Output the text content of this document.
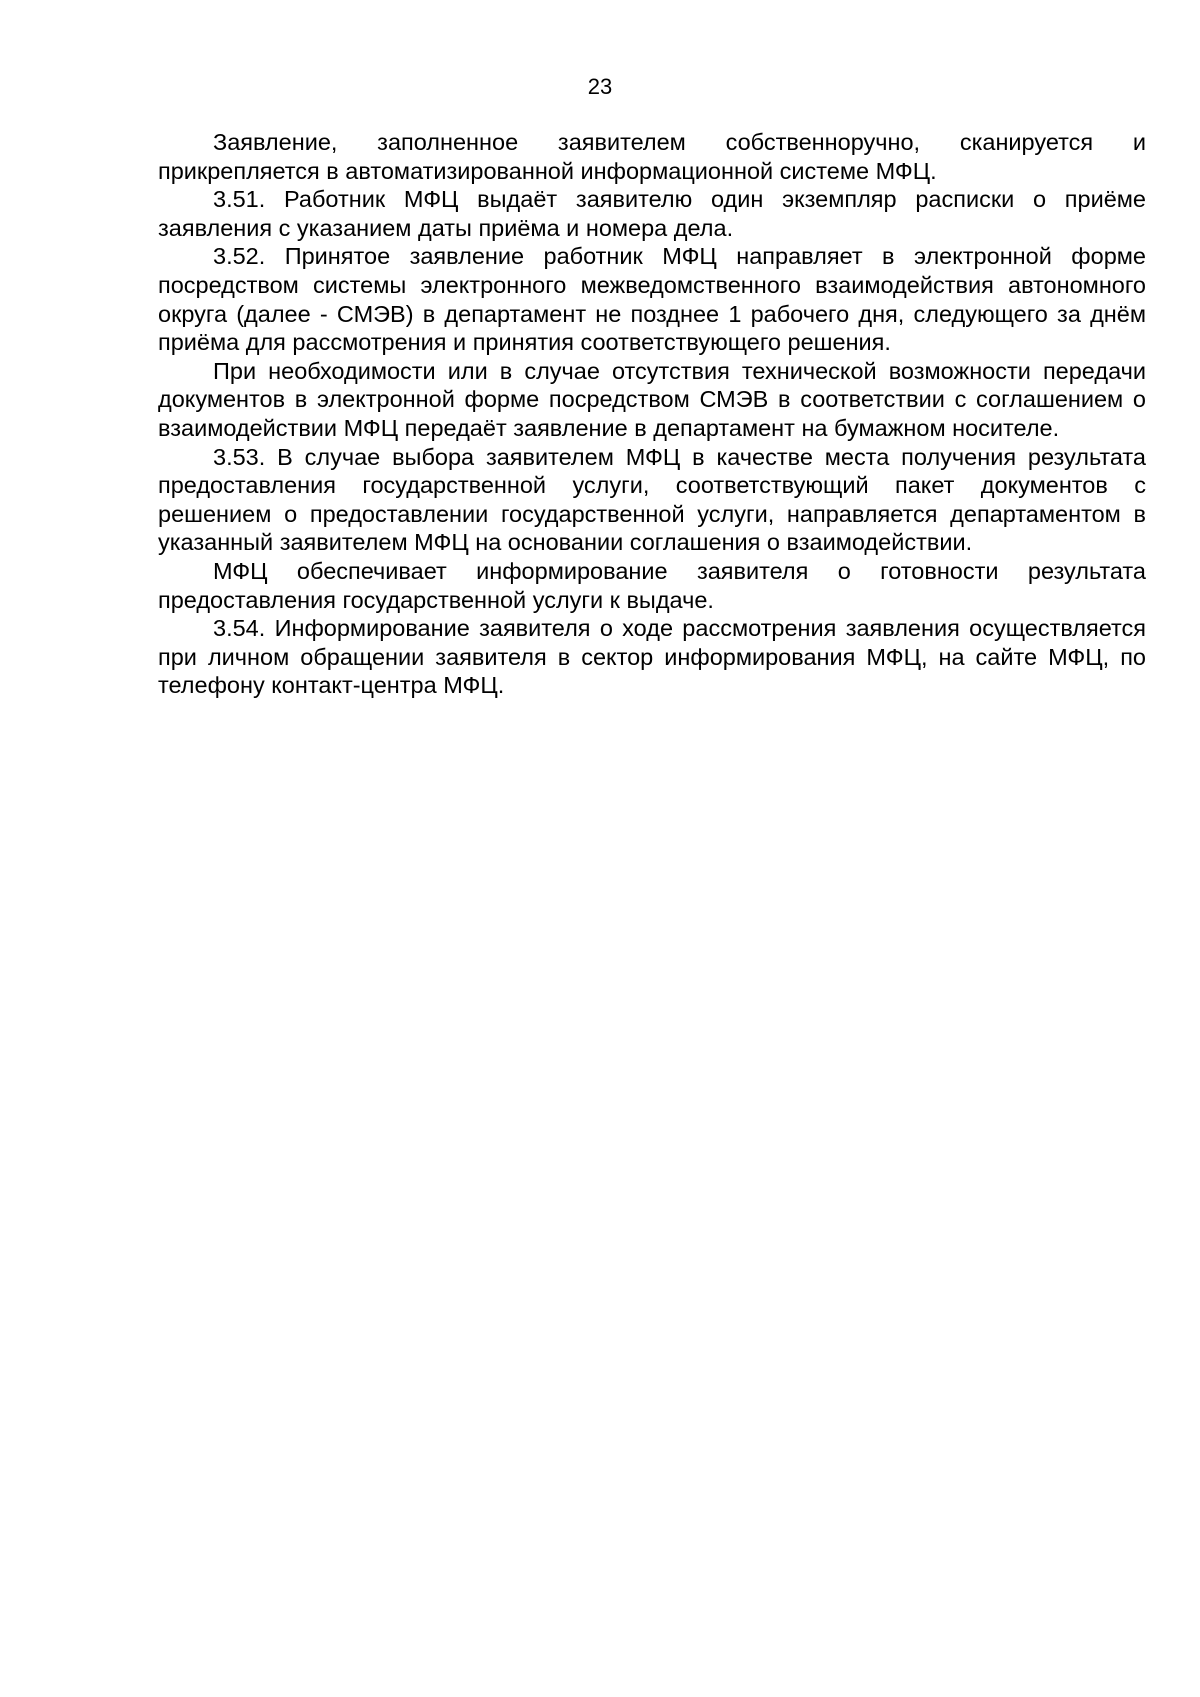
23

Заявление, заполненное заявителем собственноручно, сканируется и прикрепляется в автоматизированной информационной системе МФЦ.

3.51. Работник МФЦ выдаёт заявителю один экземпляр расписки о приёме заявления с указанием даты приёма и номера дела.

3.52. Принятое заявление работник МФЦ направляет в электронной форме посредством системы электронного межведомственного взаимодействия автономного округа (далее - СМЭВ) в департамент не позднее 1 рабочего дня, следующего за днём приёма для рассмотрения и принятия соответствующего решения.

При необходимости или в случае отсутствия технической возможности передачи документов в электронной форме посредством СМЭВ в соответствии с соглашением о взаимодействии МФЦ передаёт заявление в департамент на бумажном носителе.

3.53. В случае выбора заявителем МФЦ в качестве места получения результата предоставления государственной услуги, соответствующий пакет документов с решением о предоставлении государственной услуги, направляется департаментом в указанный заявителем МФЦ на основании соглашения о взаимодействии.

МФЦ обеспечивает информирование заявителя о готовности результата предоставления государственной услуги к выдаче.

3.54. Информирование заявителя о ходе рассмотрения заявления осуществляется при личном обращении заявителя в сектор информирования МФЦ, на сайте МФЦ, по телефону контакт-центра МФЦ.
